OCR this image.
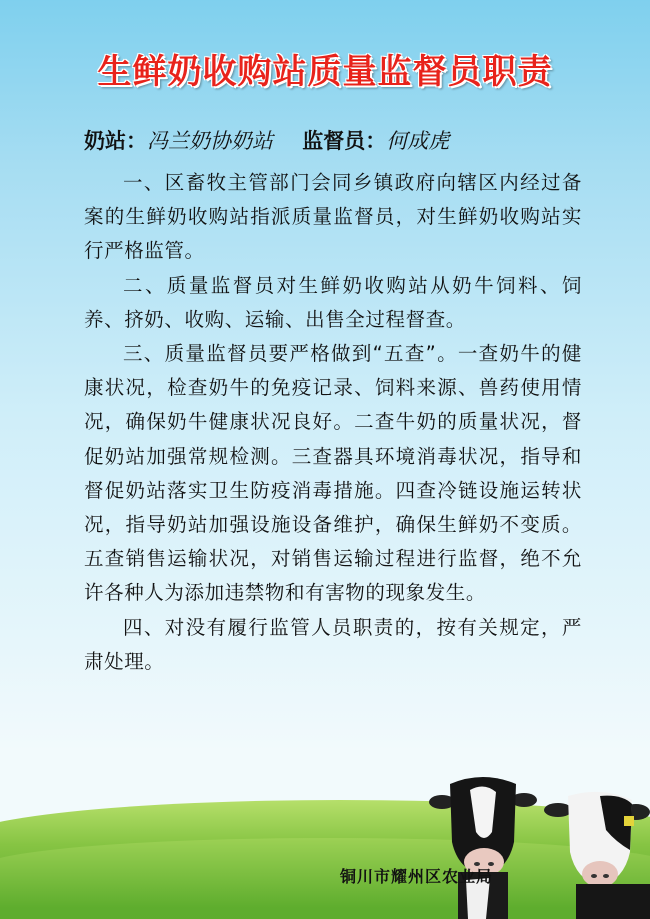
生鲜奶收购站质量监督员职责
奶站：冯兰奶协奶站 监督员：何成虎

一、区畜牧主管部门会同乡镇政府向辖区内经过备案的生鲜奶收购站指派质量监督员，对生鲜奶收购站实行严格监管。

二、质量监督员对生鲜奶收购站从奶牛饲料、饲养、挤奶、收购、运输、出售全过程督查。

三、质量监督员要严格做到“五查”。一查奶牛的健康状况，检查奶牛的免疫记录、饲料来源、兽药使用情况，确保奶牛健康状况良好。二查牛奶的质量状况，督促奶站加强常规检测。三查器具环境消毒状况，指导和督促奶站落实卫生防疫消毒措施。四查冷链设施运转状况，指导奶站加强设施设备维护，确保生鲜奶不变质。五查销售运输状况，对销售运输过程进行监督，绝不允许各种人为添加违禁物和有害物的现象发生。

四、对没有履行监管人员职责的，按有关规定，严肃处理。

铜川市耀州区农业局
